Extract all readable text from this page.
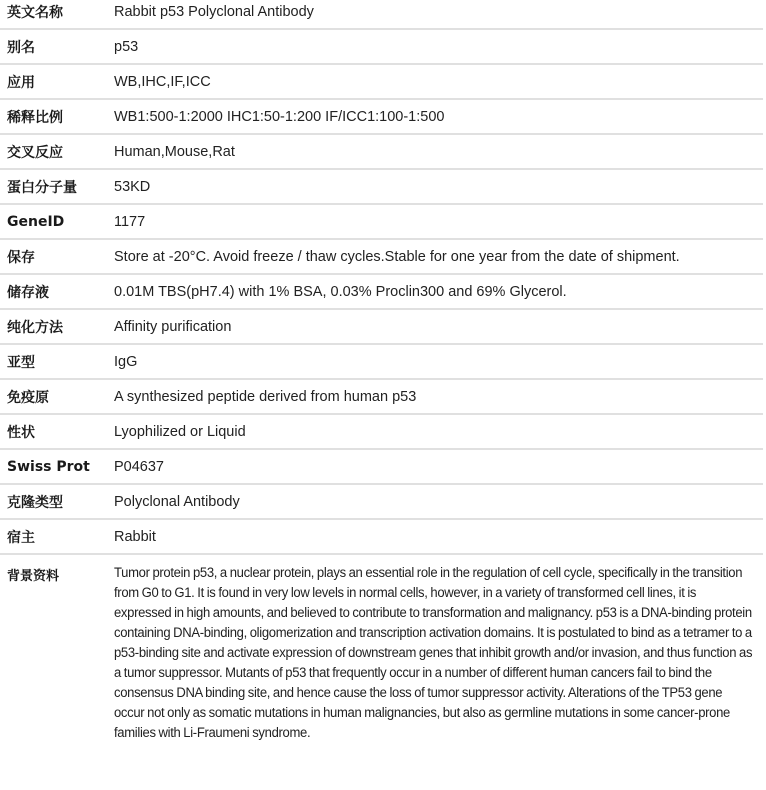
英文名称	Rabbit p53 Polyclonal Antibody
别名	p53
应用	WB,IHC,IF,ICC
稀释比例	WB1:500-1:2000 IHC1:50-1:200 IF/ICC1:100-1:500
交叉反应	Human,Mouse,Rat
蛋白分子量	53KD
GeneID	1177
保存	Store at -20°C. Avoid freeze / thaw cycles.Stable for one year from the date of shipment.
储存液	0.01M TBS(pH7.4) with 1% BSA, 0.03% Proclin300 and 69% Glycerol.
纯化方法	Affinity purification
亚型	IgG
免疫原	A synthesized peptide derived from human p53
性状	Lyophilized or Liquid
Swiss Prot	P04637
克隆类型	Polyclonal Antibody
宿主	Rabbit
背景资料	Tumor protein p53, a nuclear protein, plays an essential role in the regulation of cell cycle, specifically in the transition from G0 to G1. It is found in very low levels in normal cells, however, in a variety of transformed cell lines, it is expressed in high amounts, and believed to contribute to transformation and malignancy. p53 is a DNA-binding protein containing DNA-binding, oligomerization and transcription activation domains. It is postulated to bind as a tetramer to a p53-binding site and activate expression of downstream genes that inhibit growth and/or invasion, and thus function as a tumor suppressor. Mutants of p53 that frequently occur in a number of different human cancers fail to bind the consensus DNA binding site, and hence cause the loss of tumor suppressor activity. Alterations of the TP53 gene occur not only as somatic mutations in human malignancies, but also as germline mutations in some cancer-prone families with Li-Fraumeni syndrome.
